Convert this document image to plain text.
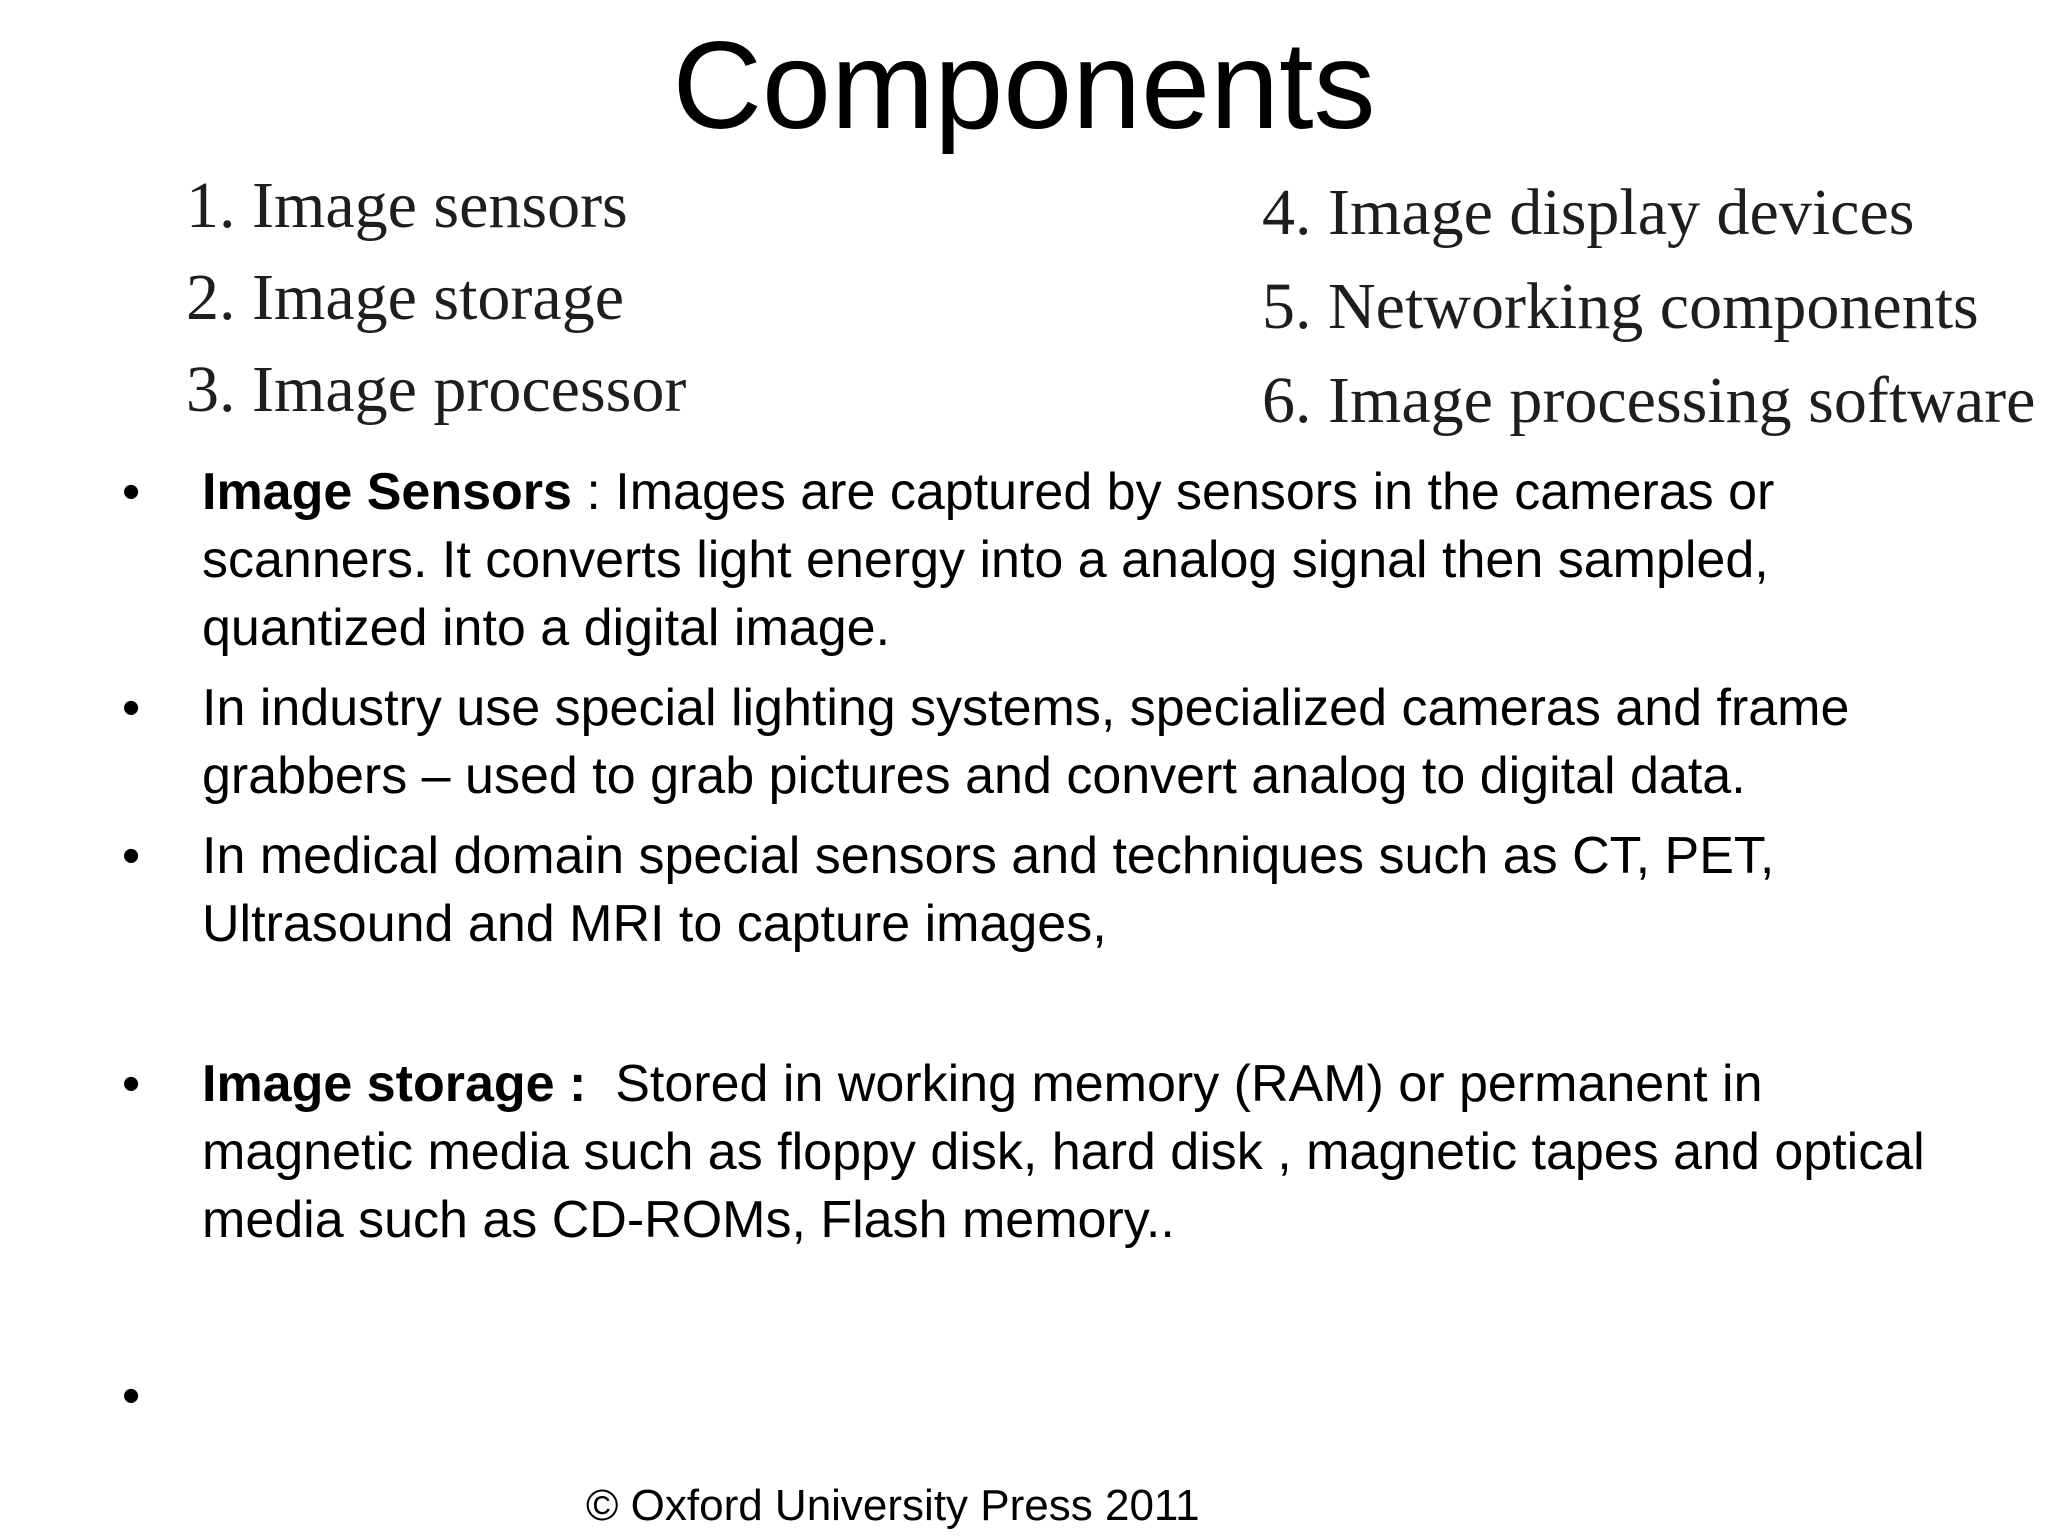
Components
1. Image sensors
2. Image storage
3. Image processor
4. Image display devices
5. Networking components
6. Image processing software
• Image Sensors : Images are captured by sensors in the cameras or scanners. It converts light energy into a analog signal then sampled, quantized into a digital image.
• In industry use special lighting systems, specialized cameras and frame grabbers – used to grab pictures and convert analog to digital data.
• In medical domain special sensors and techniques such as CT, PET, Ultrasound and MRI to capture images,
• Image storage :  Stored in working memory (RAM) or permanent in magnetic media such as floppy disk, hard disk , magnetic tapes and optical media such as CD-ROMs, Flash memory..
•
© Oxford University Press 2011
